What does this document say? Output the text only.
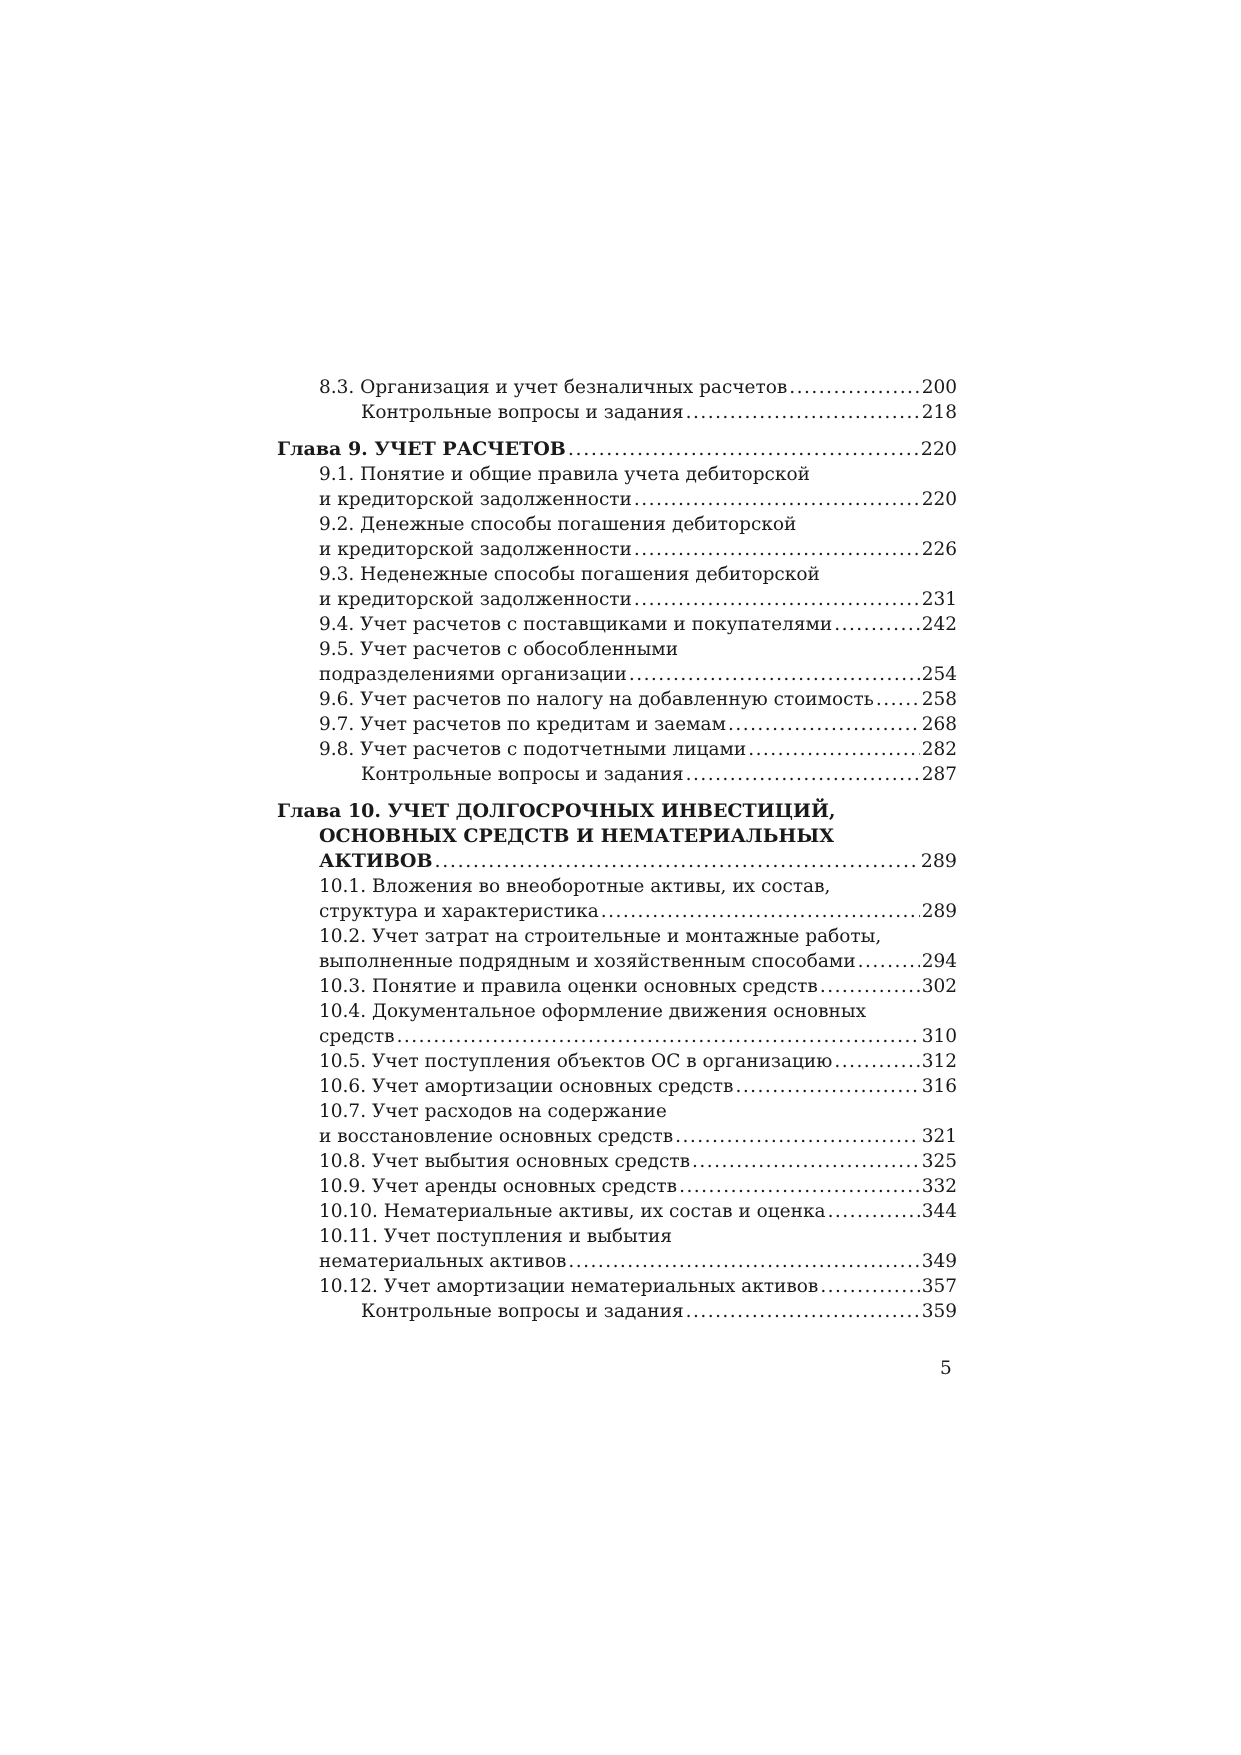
8.3. Организация и учет безналичных расчетов . . .	200
Контрольные вопросы и задания . . .	218
Глава 9. УЧЕТ РАСЧЕТОВ . . .	220
9.1. Понятие и общие правила учета дебиторской
и кредиторской задолженности . . .	220
9.2. Денежные способы погашения дебиторской
и кредиторской задолженности . . .	226
9.3. Неденежные способы погашения дебиторской
и кредиторской задолженности . . .	231
9.4. Учет расчетов с поставщиками и покупателями . . .	242
9.5. Учет расчетов с обособленными
подразделениями организации . . .	254
9.6. Учет расчетов по налогу на добавленную стоимость . . .	258
9.7. Учет расчетов по кредитам и заемам . . .	268
9.8. Учет расчетов с подотчетными лицами . . .	282
Контрольные вопросы и задания . . .	287
Глава 10. УЧЕТ ДОЛГОСРОЧНЫХ ИНВЕСТИЦИЙ,
ОСНОВНЫХ СРЕДСТВ И НЕМАТЕРИАЛЬНЫХ
АКТИВОВ . . .	289
10.1. Вложения во внеоборотные активы, их состав,
структура и характеристика . . .	289
10.2. Учет затрат на строительные и монтажные работы,
выполненные подрядным и хозяйственным способами . . .	294
10.3. Понятие и правила оценки основных средств . . .	302
10.4. Документальное оформление движения основных
средств . . .	310
10.5. Учет поступления объектов ОС в организацию . . .	312
10.6. Учет амортизации основных средств . . .	316
10.7. Учет расходов на содержание
и восстановление основных средств . . .	321
10.8. Учет выбытия основных средств . . .	325
10.9. Учет аренды основных средств . . .	332
10.10. Нематериальные активы, их состав и оценка . . .	344
10.11. Учет поступления и выбытия
нематериальных активов . . .	349
10.12. Учет амортизации нематериальных активов . . .	357
Контрольные вопросы и задания . . .	359
5
